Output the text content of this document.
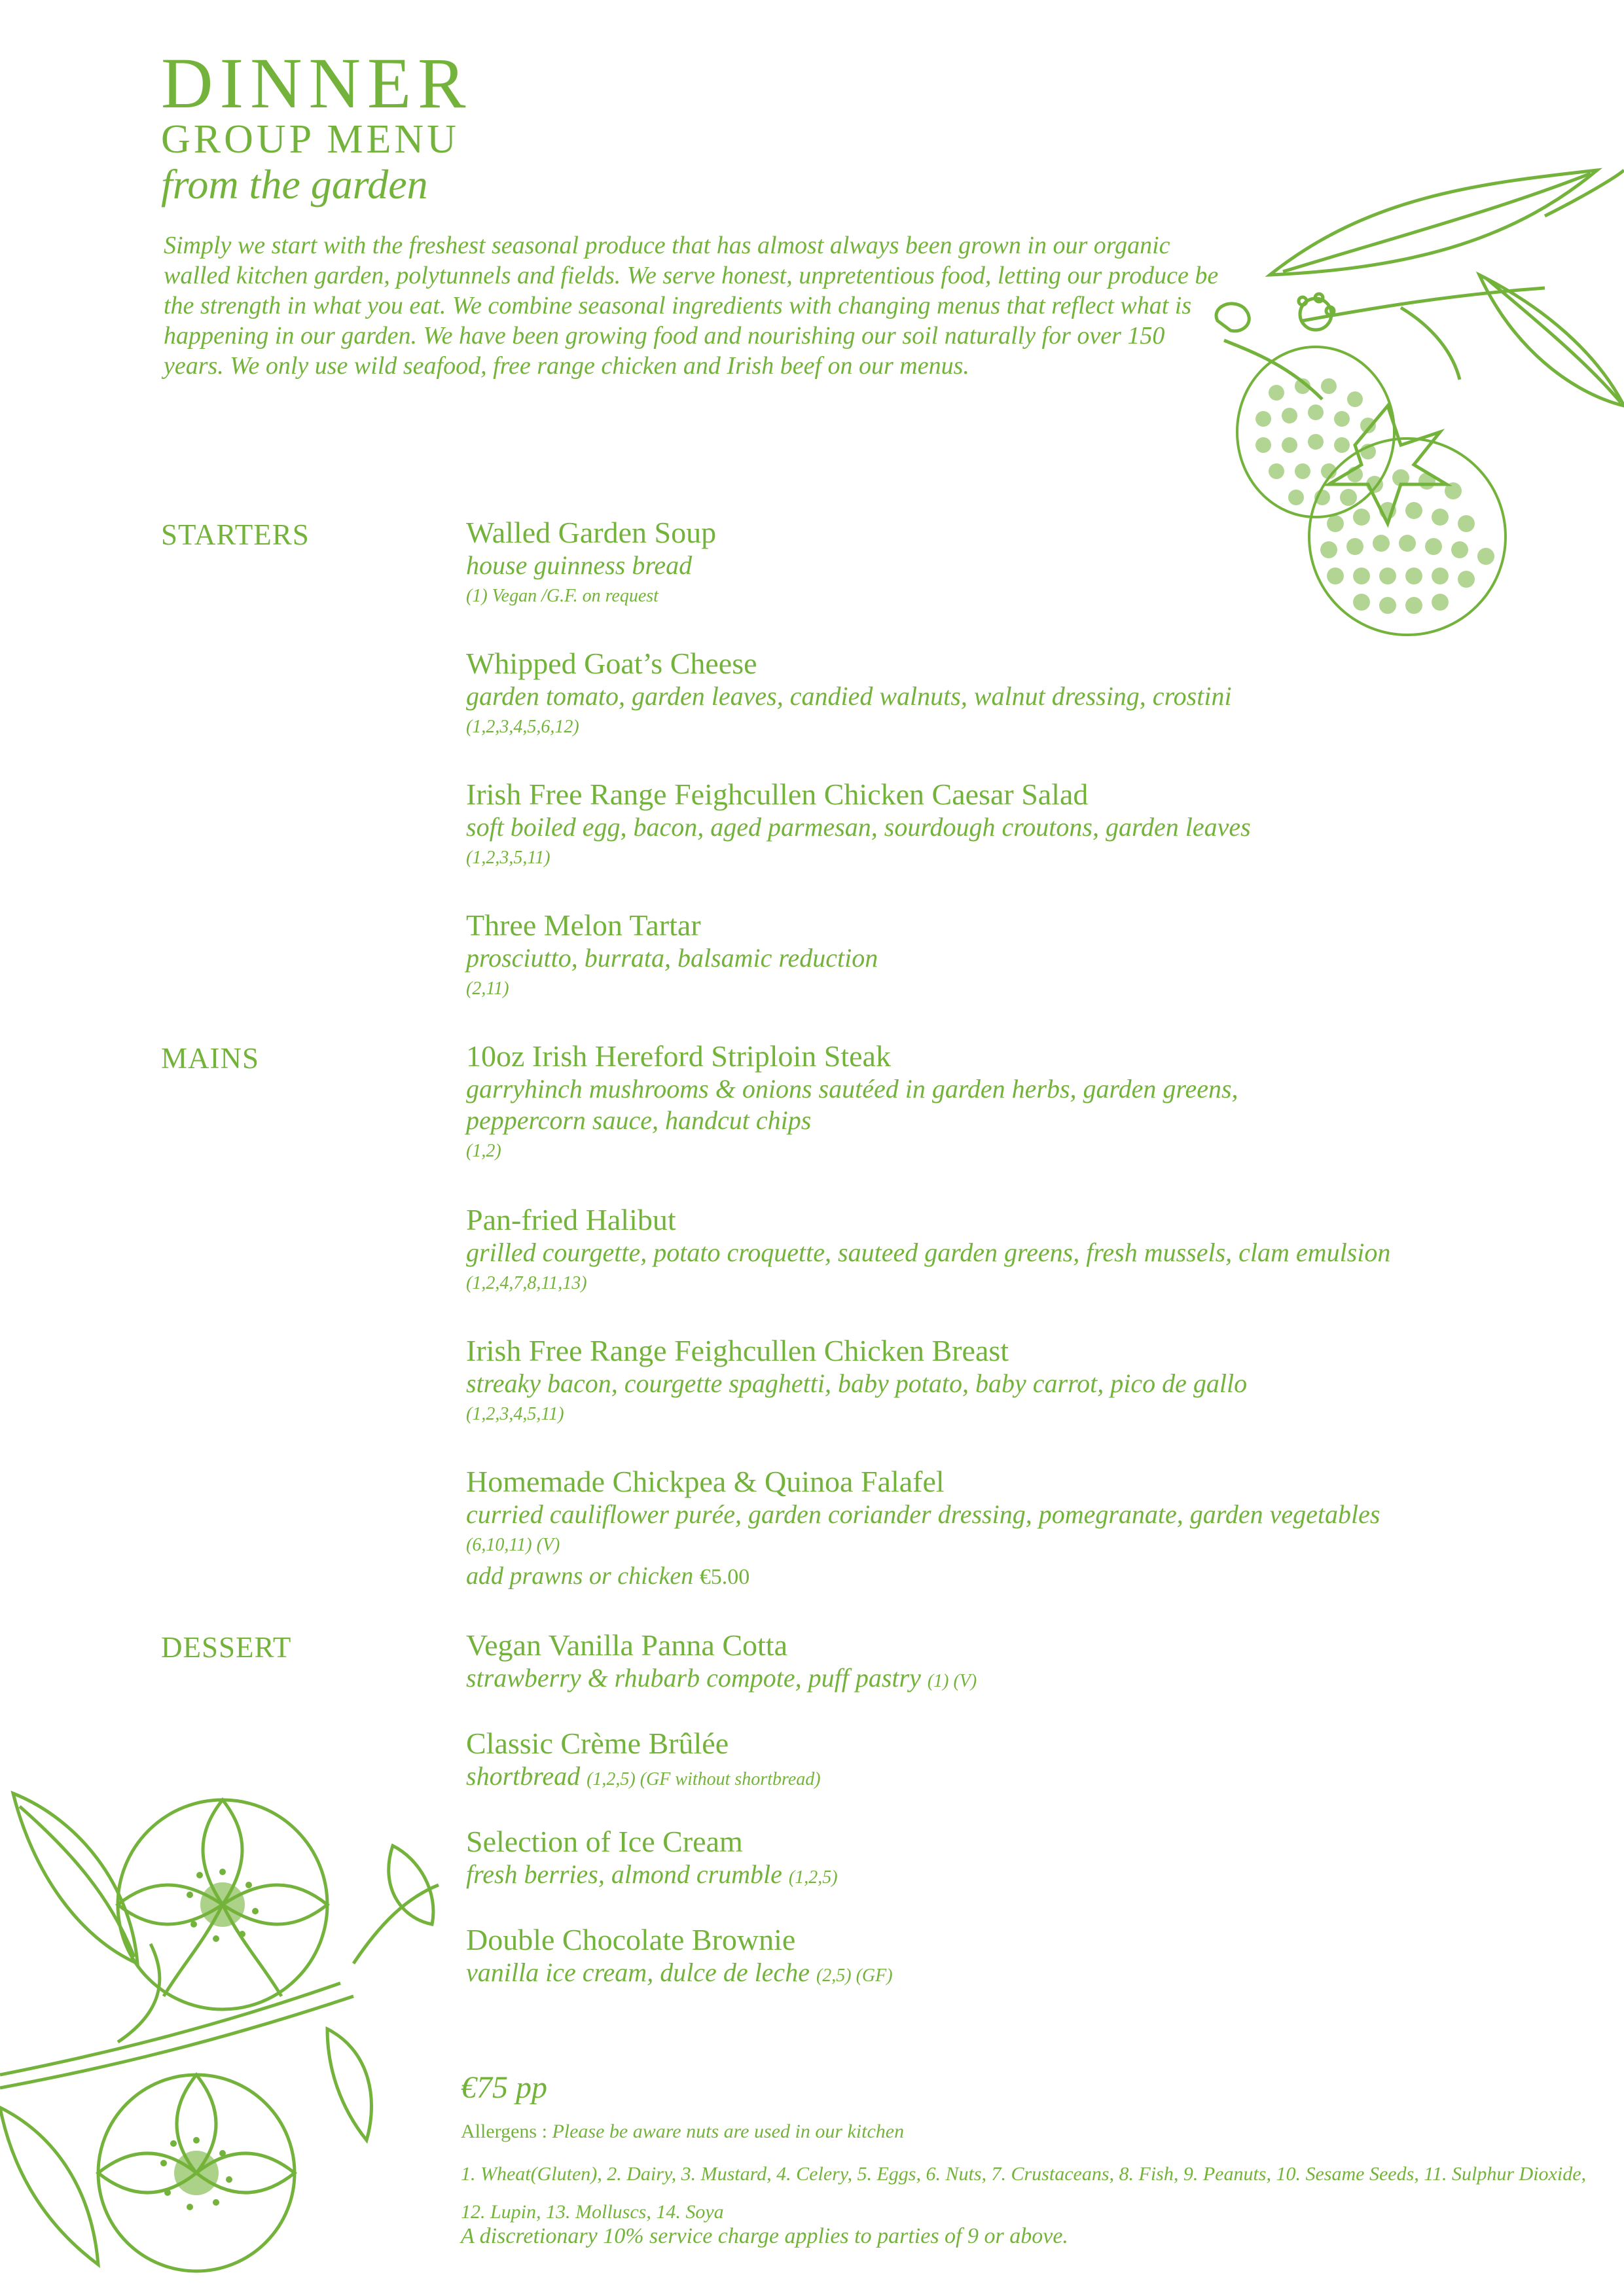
DINNER
GROUP MENU
from the garden
Simply we start with the freshest seasonal produce that has almost always been grown in our organic walled kitchen garden, polytunnels and fields. We serve honest, unpretentious food, letting our produce be the strength in what you eat. We combine seasonal ingredients with changing menus that reflect what is happening in our garden. We have been growing food and nourishing our soil naturally for over 150 years. We only use wild seafood, free range chicken and Irish beef on our menus.
STARTERS	Walled Garden Soup
house guinness bread
(1) Vegan /G.F. on request
Whipped Goat’s Cheese
garden tomato, garden leaves, candied walnuts, walnut dressing, crostini
(1,2,3,4,5,6,12)
Irish Free Range Feighcullen Chicken Caesar Salad
soft boiled egg, bacon, aged parmesan, sourdough croutons, garden leaves
(1,2,3,5,11)
Three Melon Tartar
prosciutto, burrata, balsamic reduction
(2,11)
MAINS	10oz Irish Hereford Striploin Steak
garryhinch mushrooms & onions sautéed in garden herbs, garden greens,
peppercorn sauce, handcut chips
(1,2)
Pan-fried Halibut
grilled courgette, potato croquette, sauteed garden greens, fresh mussels, clam emulsion
(1,2,4,7,8,11,13)
Irish Free Range Feighcullen Chicken Breast
streaky bacon, courgette spaghetti, baby potato, baby carrot, pico de gallo
(1,2,3,4,5,11)
Homemade Chickpea & Quinoa Falafel
curried cauliflower purée, garden coriander dressing, pomegranate, garden vegetables
(6,10,11) (V)
add prawns or chicken €5.00
DESSERT	Vegan Vanilla Panna Cotta
strawberry & rhubarb compote, puff pastry (1) (V)
Classic Crème Brûlée
shortbread (1,2,5) (GF without shortbread)
Selection of Ice Cream
fresh berries, almond crumble (1,2,5)
Double Chocolate Brownie
vanilla ice cream, dulce de leche (2,5) (GF)
€75 pp
Allergens : Please be aware nuts are used in our kitchen
1. Wheat(Gluten), 2. Dairy, 3. Mustard, 4. Celery, 5. Eggs, 6. Nuts, 7. Crustaceans, 8. Fish, 9. Peanuts, 10. Sesame Seeds, 11. Sulphur Dioxide, 12. Lupin, 13. Molluscs, 14. Soya
A discretionary 10% service charge applies to parties of 9 or above.
